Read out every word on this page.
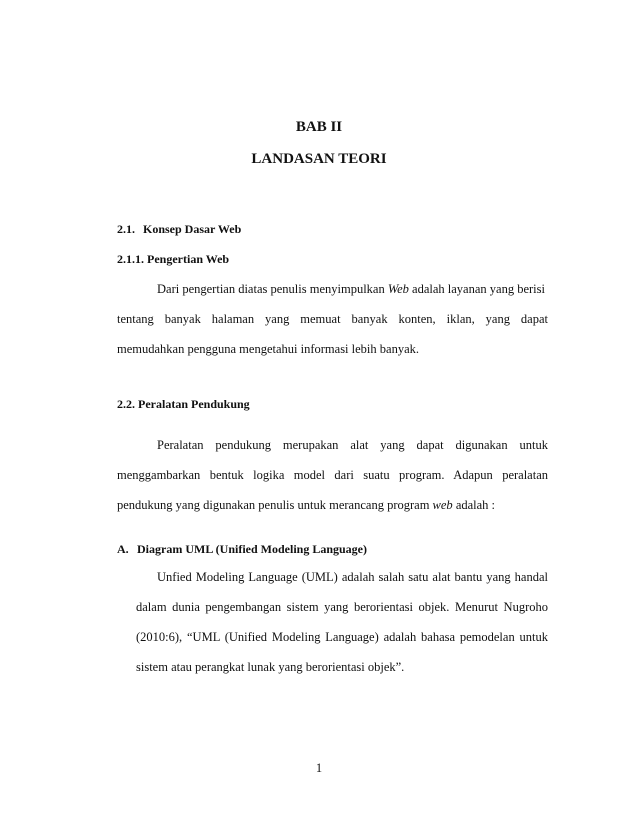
BAB II
LANDASAN TEORI
2.1. Konsep Dasar Web
2.1.1. Pengertian Web
Dari pengertian diatas penulis menyimpulkan Web adalah layanan yang berisi
tentang banyak halaman yang memuat banyak konten, iklan, yang dapat
memudahkan pengguna mengetahui informasi lebih banyak.
2.2. Peralatan Pendukung
Peralatan pendukung merupakan alat yang dapat digunakan untuk
menggambarkan bentuk logika model dari suatu program. Adapun peralatan
pendukung yang digunakan penulis untuk merancang program web adalah :
A. Diagram UML (Unified Modeling Language)
Unfied Modeling Language (UML) adalah salah satu alat bantu yang handal
dalam dunia pengembangan sistem yang berorientasi objek. Menurut Nugroho
(2010:6), “UML (Unified Modeling Language) adalah bahasa pemodelan untuk
sistem atau perangkat lunak yang berorientasi objek”.
1
